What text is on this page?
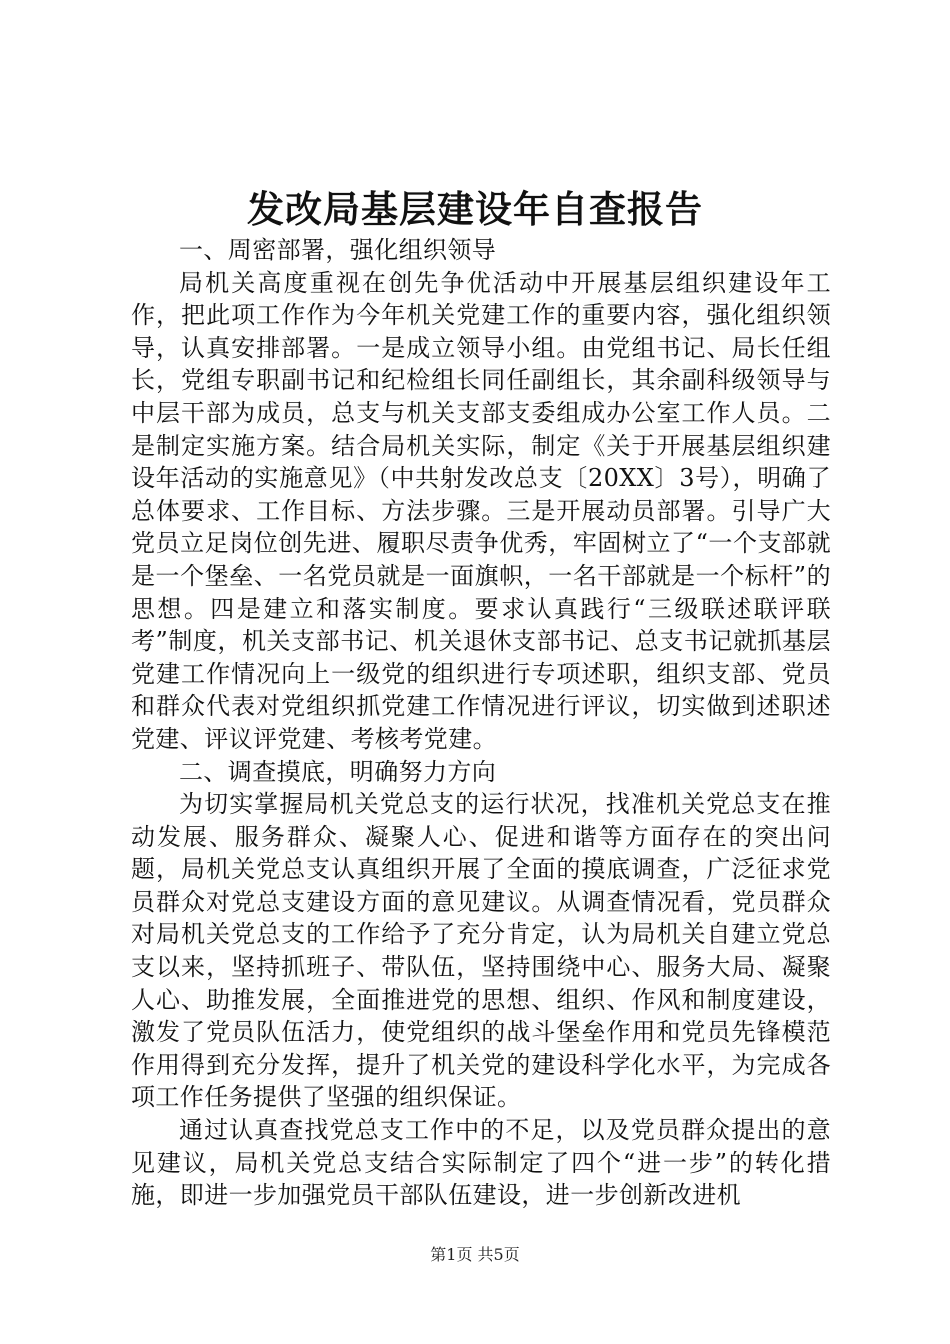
发改局基层建设年自查报告

一、周密部署，强化组织领导

局机关高度重视在创先争优活动中开展基层组织建设年工作，把此项工作作为今年机关党建工作的重要内容，强化组织领导，认真安排部署。一是成立领导小组。由党组书记、局长任组长，党组专职副书记和纪检组长同任副组长，其余副科级领导与中层干部为成员，总支与机关支部支委组成办公室工作人员。二是制定实施方案。结合局机关实际，制定《关于开展基层组织建设年活动的实施意见》（中共射发改总支〔20XX〕3号），明确了总体要求、工作目标、方法步骤。三是开展动员部署。引导广大党员立足岗位创先进、履职尽责争优秀，牢固树立了“一个支部就是一个堡垒、一名党员就是一面旗帜，一名干部就是一个标杆”的思想。四是建立和落实制度。要求认真践行“三级联述联评联考”制度，机关支部书记、机关退休支部书记、总支书记就抓基层党建工作情况向上一级党的组织进行专项述职，组织支部、党员和群众代表对党组织抓党建工作情况进行评议，切实做到述职述党建、评议评党建、考核考党建。

二、调查摸底，明确努力方向

为切实掌握局机关党总支的运行状况，找准机关党总支在推动发展、服务群众、凝聚人心、促进和谐等方面存在的突出问题，局机关党总支认真组织开展了全面的摸底调查，广泛征求党员群众对党总支建设方面的意见建议。从调查情况看，党员群众对局机关党总支的工作给予了充分肯定，认为局机关自建立党总支以来，坚持抓班子、带队伍，坚持围绕中心、服务大局、凝聚人心、助推发展，全面推进党的思想、组织、作风和制度建设，激发了党员队伍活力，使党组织的战斗堡垒作用和党员先锋模范作用得到充分发挥，提升了机关党的建设科学化水平，为完成各项工作任务提供了坚强的组织保证。

通过认真查找党总支工作中的不足，以及党员群众提出的意见建议，局机关党总支结合实际制定了四个“进一步”的转化措施，即进一步加强党员干部队伍建设，进一步创新改进机

第1页 共5页
